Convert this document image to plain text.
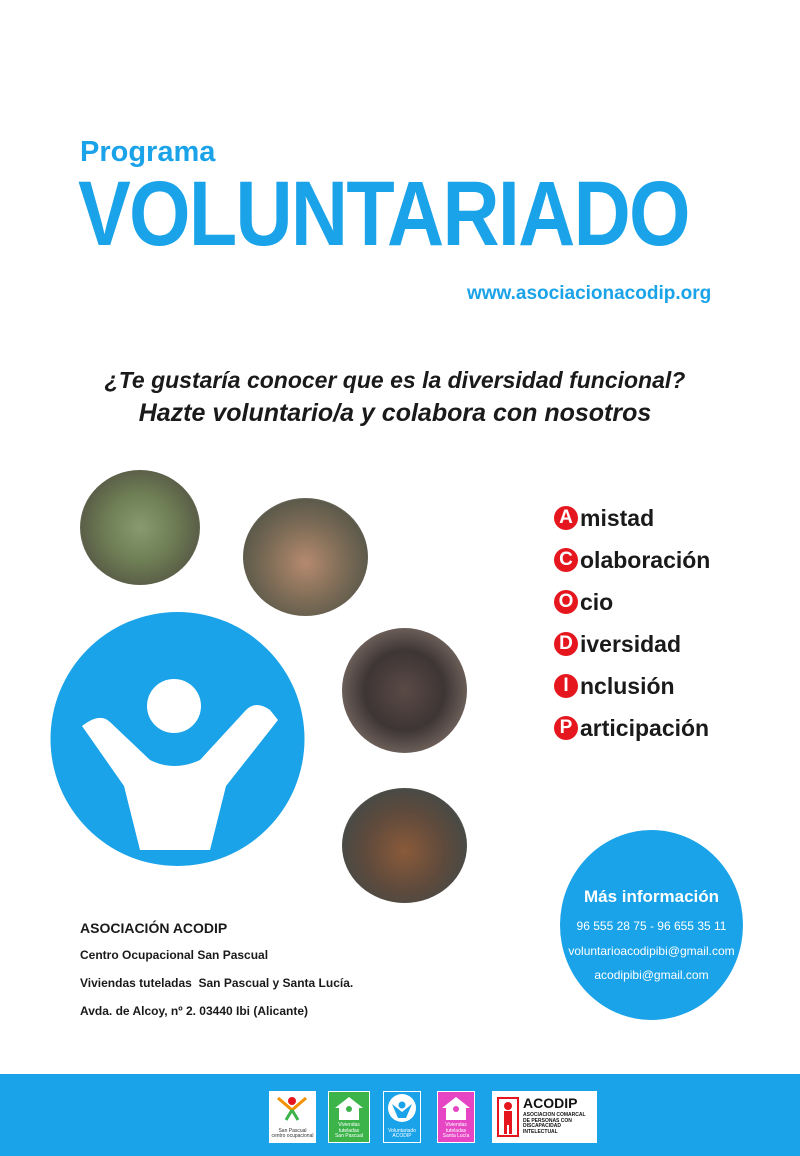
Programa
VOLUNTARIADO
www.asociacionacodip.org
¿Te gustaría conocer que es la diversidad funcional?
Hazte voluntario/a y colabora con nosotros
A mistad
C olaboración
O cio
D iversidad
I nclusión
P articipación
Más información
96 555 28 75 - 96 655 35 11
voluntarioacodipibi@gmail.com
acodipibi@gmail.com
ASOCIACIÓN ACODIP
Centro Ocupacional San Pascual
Viviendas tuteladas  San Pascual y Santa Lucía.
Avda. de Alcoy, nº 2. 03440 Ibi (Alicante)
San Pascual
centro ocupacional
Viviendas tuteladas
San Pascual
Voluntariado
ACODIP
Viviendas tuteladas
Santa Lucía
ACODIP
ASOCIACION COMARCAL DE PERSONAS CON DISCAPACIDAD INTELECTUAL
